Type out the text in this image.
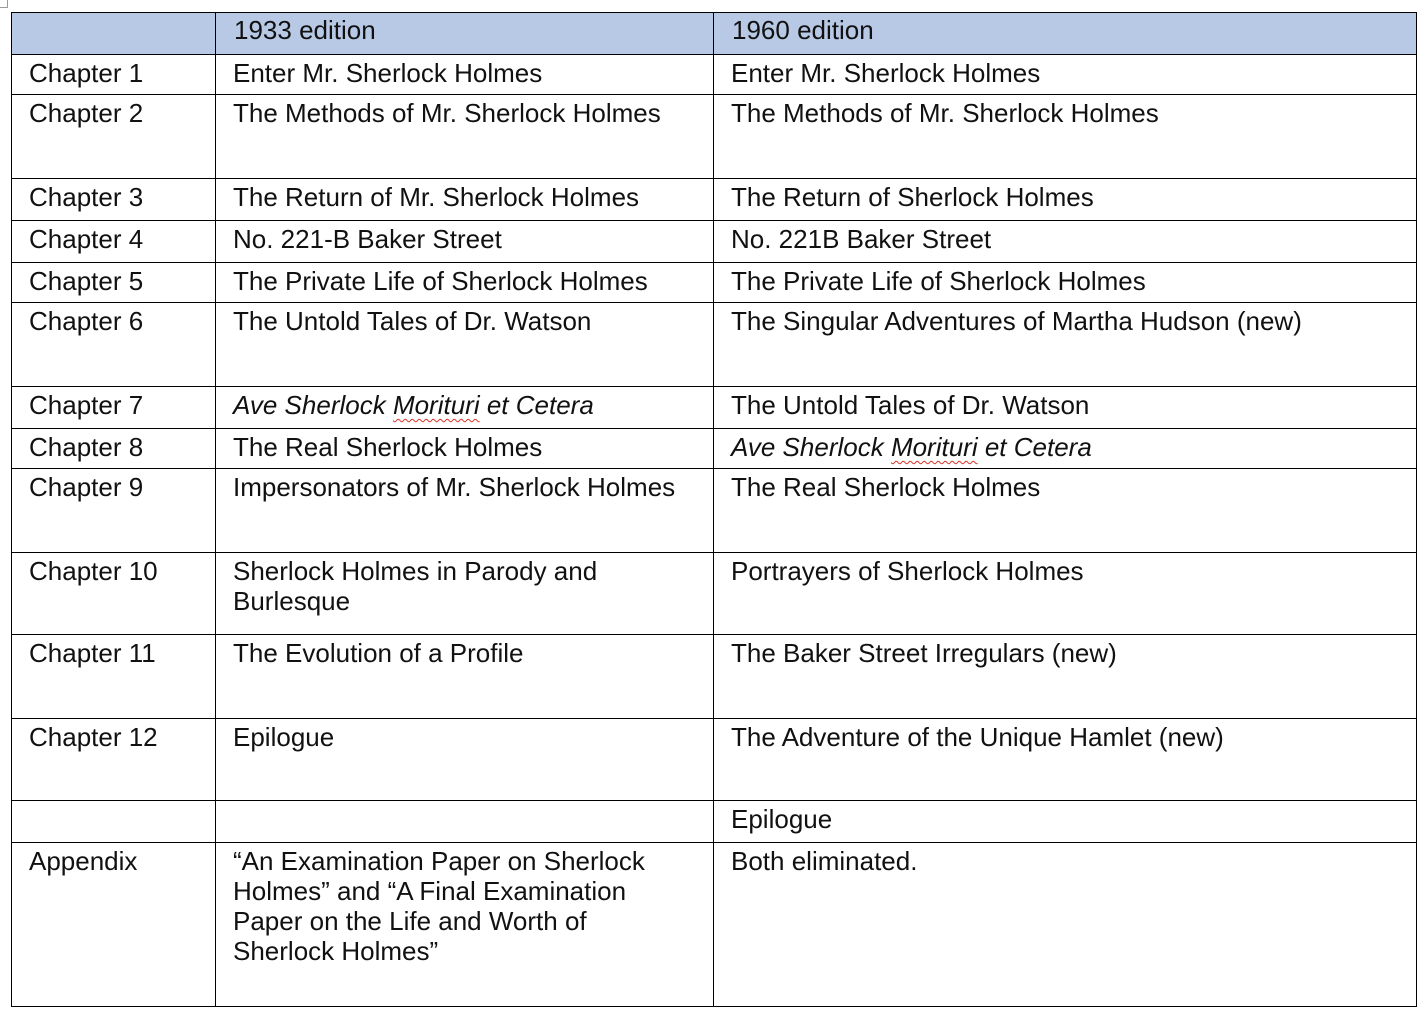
	1933 edition	1960 edition
Chapter 1	Enter Mr. Sherlock Holmes	Enter Mr. Sherlock Holmes
Chapter 2	The Methods of Mr. Sherlock Holmes	The Methods of Mr. Sherlock Holmes
Chapter 3	The Return of Mr. Sherlock Holmes	The Return of Sherlock Holmes
Chapter 4	No. 221-B Baker Street	No. 221B Baker Street
Chapter 5	The Private Life of Sherlock Holmes	The Private Life of Sherlock Holmes
Chapter 6	The Untold Tales of Dr. Watson	The Singular Adventures of Martha Hudson (new)
Chapter 7	Ave Sherlock Morituri et Cetera	The Untold Tales of Dr. Watson
Chapter 8	The Real Sherlock Holmes	Ave Sherlock Morituri et Cetera
Chapter 9	Impersonators of Mr. Sherlock Holmes	The Real Sherlock Holmes
Chapter 10	Sherlock Holmes in Parody and Burlesque	Portrayers of Sherlock Holmes
Chapter 11	The Evolution of a Profile	The Baker Street Irregulars (new)
Chapter 12	Epilogue	The Adventure of the Unique Hamlet (new)
		Epilogue
Appendix	“An Examination Paper on Sherlock Holmes” and “A Final Examination Paper on the Life and Worth of Sherlock Holmes”	Both eliminated.
